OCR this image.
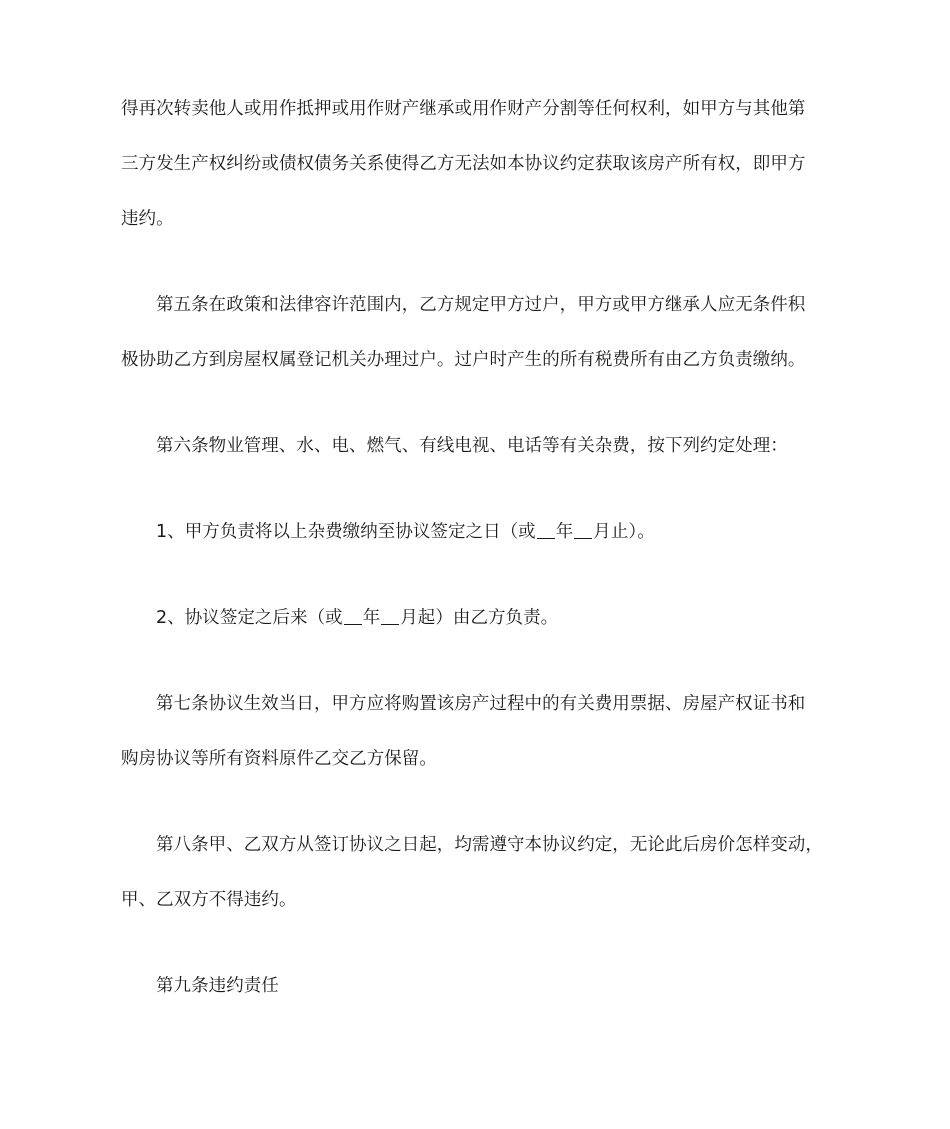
得再次转卖他人或用作抵押或用作财产继承或用作财产分割等任何权利，如甲方与其他第
三方发生产权纠纷或债权债务关系使得乙方无法如本协议约定获取该房产所有权，即甲方
违约。
第五条在政策和法律容许范围内，乙方规定甲方过户，甲方或甲方继承人应无条件积
极协助乙方到房屋权属登记机关办理过户。过户时产生的所有税费所有由乙方负责缴纳。
第六条物业管理、水、电、燃气、有线电视、电话等有关杂费，按下列约定处理：
1、甲方负责将以上杂费缴纳至协议签定之日（或 年 月止）。
2、协议签定之后来（或 年 月起）由乙方负责。
第七条协议生效当日，甲方应将购置该房产过程中的有关费用票据、房屋产权证书和
购房协议等所有资料原件乙交乙方保留。
第八条甲、乙双方从签订协议之日起，均需遵守本协议约定，无论此后房价怎样变动，
甲、乙双方不得违约。
第九条违约责任
